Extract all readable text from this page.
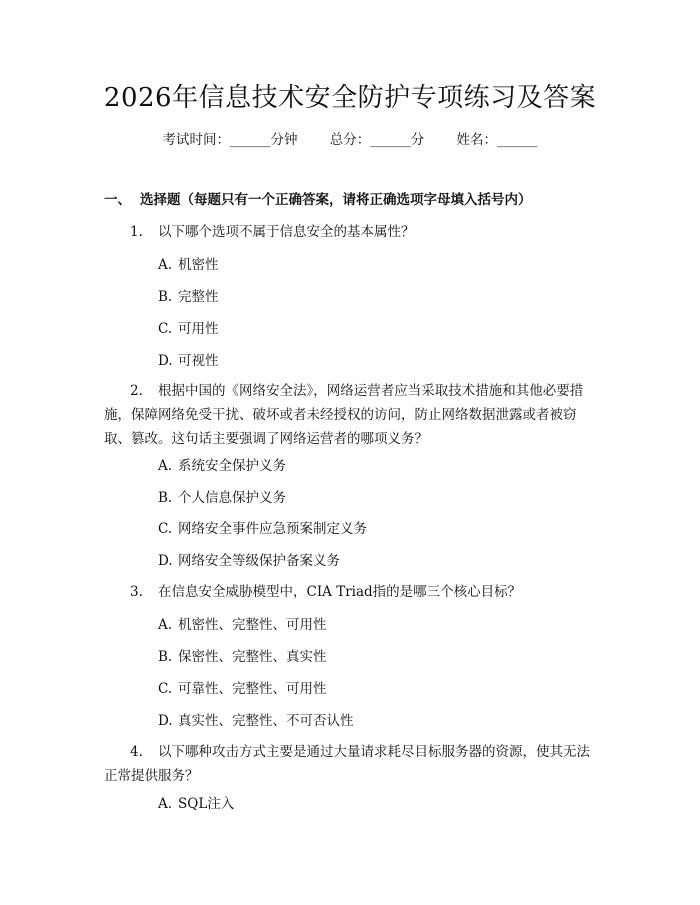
2026年信息技术安全防护专项练习及答案
考试时间：______分钟 总分：______分 姓名：______
一、 选择题（每题只有一个正确答案，请将正确选项字母填入括号内）
1. 以下哪个选项不属于信息安全的基本属性？
A. 机密性
B. 完整性
C. 可用性
D. 可视性
2. 根据中国的《网络安全法》，网络运营者应当采取技术措施和其他必要措施，保障网络免受干扰、破坏或者未经授权的访问，防止网络数据泄露或者被窃取、篡改。这句话主要强调了网络运营者的哪项义务？
A. 系统安全保护义务
B. 个人信息保护义务
C. 网络安全事件应急预案制定义务
D. 网络安全等级保护备案义务
3. 在信息安全威胁模型中，CIA Triad指的是哪三个核心目标？
A. 机密性、完整性、可用性
B. 保密性、完整性、真实性
C. 可靠性、完整性、可用性
D. 真实性、完整性、不可否认性
4. 以下哪种攻击方式主要是通过大量请求耗尽目标服务器的资源，使其无法正常提供服务？
A. SQL注入
